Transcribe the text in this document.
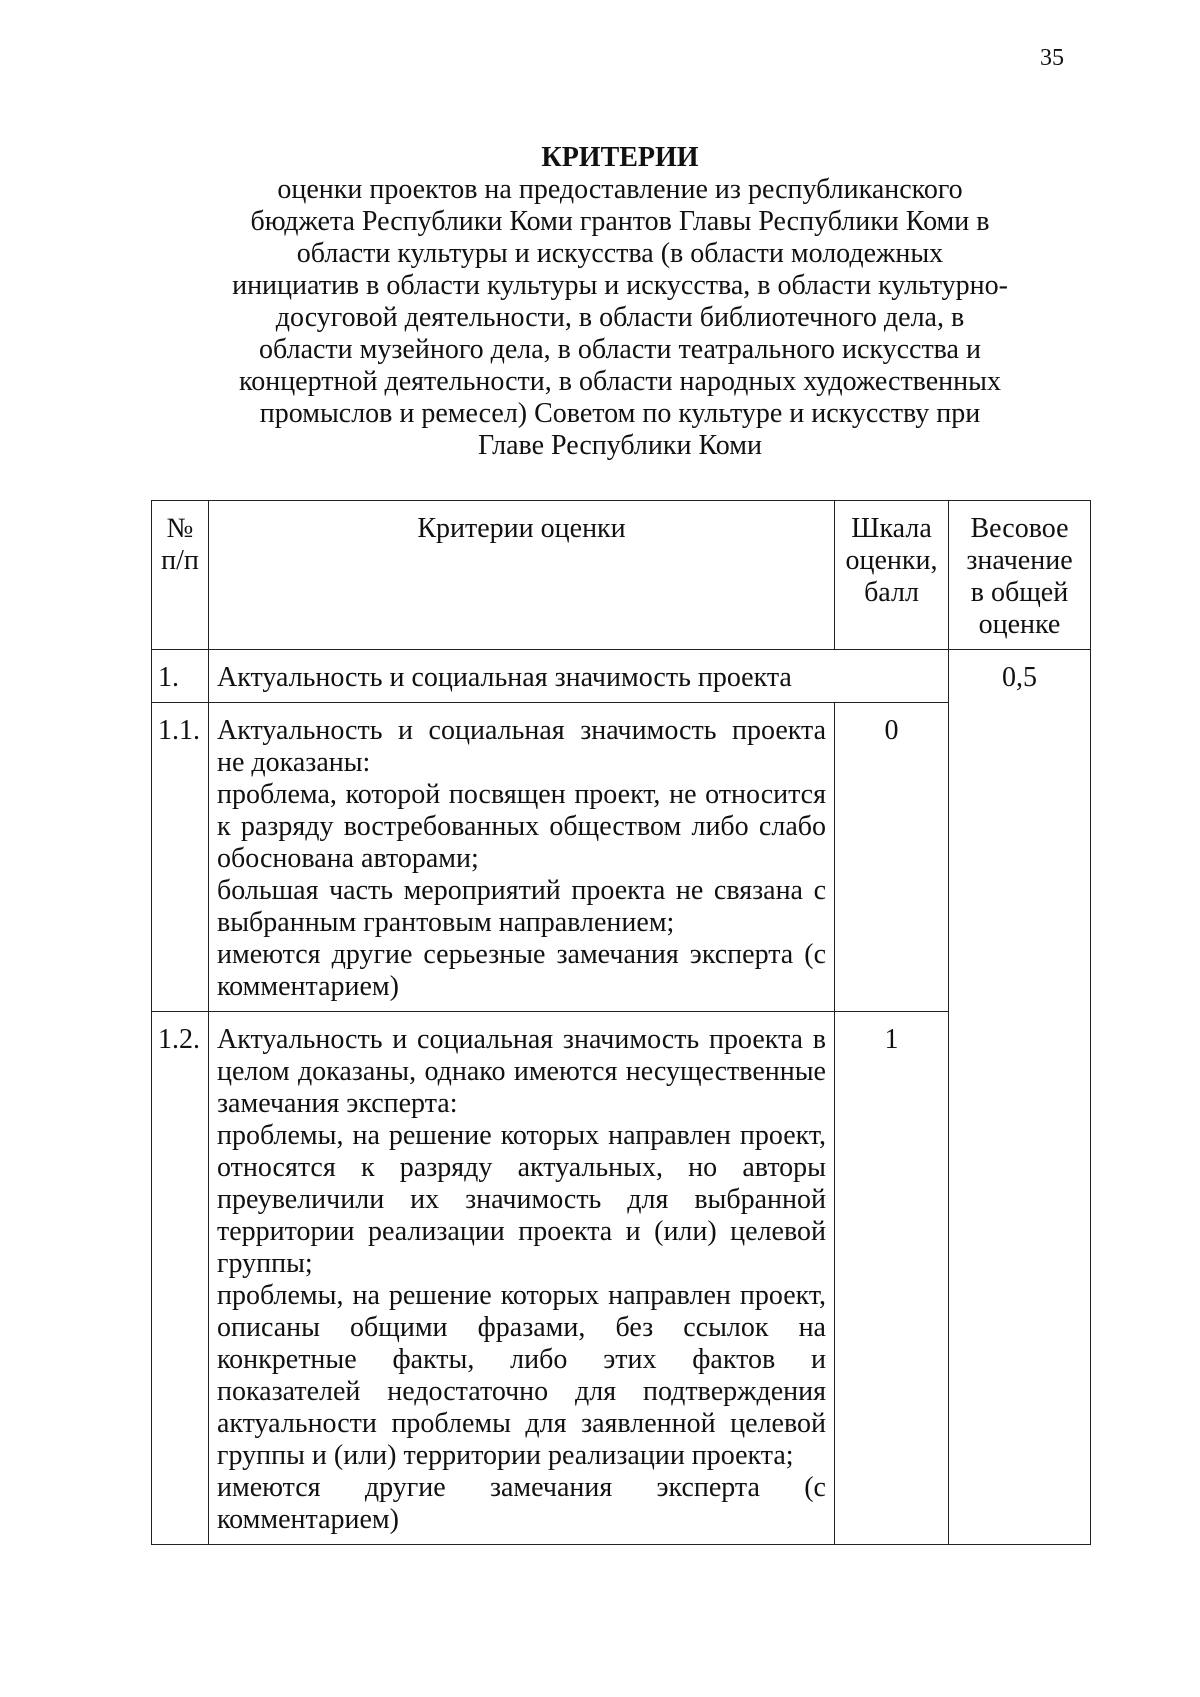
35
КРИТЕРИИ
оценки проектов на предоставление из республиканского бюджета Республики Коми грантов Главы Республики Коми в области культуры и искусства (в области молодежных инициатив в области культуры и искусства, в области культурно-досуговой деятельности, в области библиотечного дела, в области музейного дела, в области театрального искусства и концертной деятельности, в области народных художественных промыслов и ремесел) Советом по культуре и искусству при Главе Республики Коми
№ п/п	Критерии оценки	Шкала оценки, балл	Весовое значение в общей оценке
1.	Актуальность и социальная значимость проекта		0,5
1.1.	Актуальность и социальная значимость проекта не доказаны:
проблема, которой посвящен проект, не относится к разряду востребованных обществом либо слабо обоснована авторами;
большая часть мероприятий проекта не связана с выбранным грантовым направлением;
имеются другие серьезные замечания эксперта (с комментарием)	0	
1.2.	Актуальность и социальная значимость проекта в целом доказаны, однако имеются несущественные замечания эксперта:
проблемы, на решение которых направлен проект, относятся к разряду актуальных, но авторы преувеличили их значимость для выбранной территории реализации проекта и (или) целевой группы;
проблемы, на решение которых направлен проект, описаны общими фразами, без ссылок на конкретные факты, либо этих фактов и показателей недостаточно для подтверждения актуальности проблемы для заявленной целевой группы и (или) территории реализации проекта;
имеются другие замечания эксперта (с комментарием)	1	
